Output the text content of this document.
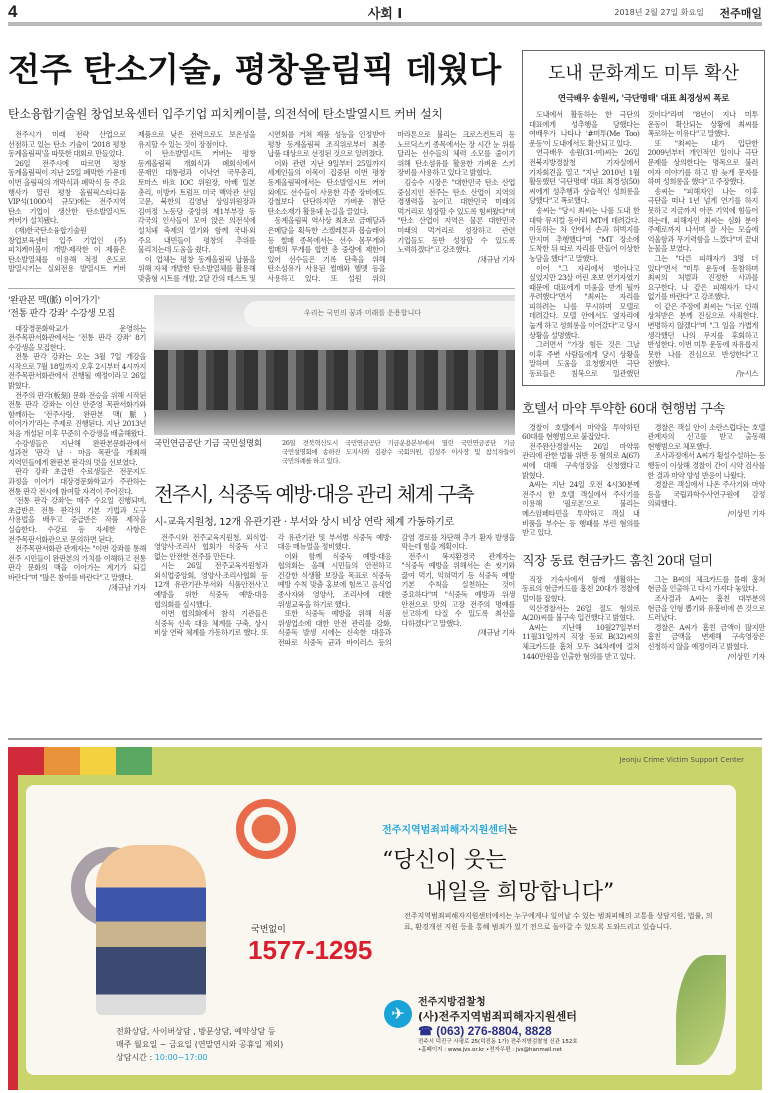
4	사회 I	2018년 2월 27일 화요일 전주매일
전주 탄소기술, 평창올림픽 데웠다
탄소융합기술원 창업보육센터 입주기업 피치케이블, 의전석에 탄소발열시트 커버 설치

전주시가 미래 전략 산업으로 선점하고 있는 탄소 기술이 '2018 평창 동계올림픽'을 따뜻한 대회로 만들었다.

26일 전주시에 따르면 평창 동계올림픽이 지난 25일 폐막한 가운데 이번 올림픽의 개막식과 폐막식 등 주요 행사가 열린 평창 올림픽스타디움 VIP석(1000석 규모)에는 전주지역 탄소 기업이 생산한 탄소발열시트 커버가 설치됐다.

(재)한국탄소융합기술원 창업보육센터 입주 기업인 (주)피치케이블이 개발·제작한 이 제품은 탄소발열체를 이용해 적정 온도로 발열시키는 실외전용 발열시트 커버 제품으로 낮은 전력으로도 보온성을 유지할 수 있는 것이 장점이다.

이 탄소발열시트 커버는 평창 동계올림픽 개회식과 폐회식에서 문재인 대통령과 이낙연 국무총리, 토마스 바흐 IOC 위원장, 아베 일본 총리, 이방카 트럼프 미국 백악관 선임 고문, 북한의 김영남 상임위원장과 김여정 노동당 중앙위 제1부부장 등 각국의 인사들이 모여 앉은 의전석에 설치돼 축제의 열기와 함께 국내·외 주요 내빈들이 평창의 추위를 물리치는데 도움을 줬다.

이 업체는 평창 동계올림픽 납품을 위해 자체 개발한 탄소발열체를 활용해 맞춤형 시트를 개발, 2달 간의 테스트 및 시연회를 거쳐 제품 성능을 인정받아 평창 동계올림픽 조직위로부터 최종 납품 대상으로 선정된 것으로 알려졌다.

이와 관련 지난 9일부터 25일까지 세계인들의 이목이 집중된 이번 평창 동계올림픽에서는 탄소발열시트 커버 외에도 선수들이 사용한 각종 장비에도 강철보다 단단하지만 가벼운 첨단 탄소소재가 활용돼 눈길을 끌었다.

동계올림픽 역사상 최초로 금메달과 은메달을 획득한 스켈레톤과 봅슬레이 등 썰매 종목에서는 선수 몸무게와 썰매의 무게를 합한 총 중량에 제한이 있어 선수들은 기록 단축을 위해 탄소섬유가 사용된 썰매와 헬멧 등을 사용하고 있다. 또 설원 위의 마라톤으로 불리는 크로스컨트리 등 노르딕스키 종목에서는 장 시간 눈 위를 달리는 선수들의 체력 소모를 줄이기 위해 탄소섬유를 활용한 가벼운 스키 장비를 사용하고 있다고 밝혔다.

김승수 시장은 "대한민국 탄소 산업 중심지인 전주는 탄소 산업이 지역의 경쟁력을 높이고 대한민국 미래의 먹거리로 성장할 수 있도록 힘써왔다"며 "탄소 산업이 지역은 물론 대한민국 미래의 먹거리로 성장하고 관련 기업들도 동반 성장할 수 있도록 노력하겠다"고 강조했다.

/채규남 기자
'완판본 맥(脈) 이어가기'
'전통 판각 강좌' 수강생 모집

대장경문화학교가 운영하는 전주목판서화관에서는 '전통 판각 강좌' 8기 수강생을 모집한다.

전통 판각 강좌는 오는 3월 7일 개강을 시작으로 7월 18일까지 오후 2시부터 4시까지 전주목판서화관에서 진행될 예정이라고 26일 밝혔다.

전주의 판각(板刻) 문화 전승을 위해 시작된 전통 판각 강좌는 이산 안준영 목판서화가와 함께하는 '전주사랑, 완판본 맥(脈) 이어가기'라는 주제로 진행된다. 지난 2013년 처음 개설된 이후 꾸준히 수강생을 배출해왔다.

수강생들은 지난해 완판본문화관에서 성과전 '판각 날 · 마음 목판'을 개최해 지역민들에게 완판본 판각의 멋을 선보였다.

판각 강좌 초급반 수료생들은 전문지도 과정을 이어가 대장경문화학교가 주관하는 전통 판각 전시에 참여할 자격이 주어진다.

'전통 판각 강좌'는 매주 수요일 진행되며, 초급반은 전통 판각의 기본 기법과 도구 사용법을 배우고 중급반은 작품 제작을 실습한다. 수강료 등 자세한 사항은 전주목판서화관으로 문의하면 된다.

전주목판서화관 관계자는 "이번 강좌를 통해 전주 시민들이 완판본의 가치를 이해하고 전통 판각 문화의 맥을 이어가는 계기가 되길 바란다"며 "많은 참여를 바란다"고 말했다.

/채규남 기자
우리는 국민의 꿈과 미래를 운용합니다
국민연금공단 기금 국민설명회	26일 전북혁신도시 국민연금공단 기금운용본부에서 열린 국민연금공단 기금 국민설명회에 송하진 도지사와 김광수 국회의원, 김성주 이사장 및 참석자들이 국민의례를 하고 있다.
전주시, 식중독 예방·대응 관리 체계 구축
시-교육지원청, 12개 유관기관 · 부서와 상시 비상 연락 체계 가동하기로

전주시와 전주교육지원청, 외식업·영양사·조리사 협회가 식중독 사고 없는 안전한 전주를 만든다.

시는 26일 전주교육지원청과 외식업중앙회, 영양사·조리사협회 등 12개 유관기관·부서와 식품안전사고 예방을 위한 식중독 예방·대응 협의회를 실시했다.

이번 협의회에서 참석 기관들은 식중독 신속 대응 체계를 구축, 상시 비상 연락 체계를 가동하기로 했다. 또 각 유관기관 및 부서별 식중독 예방·대응 매뉴얼을 정비했다.

이와 함께 식중독 예방·대응 협의회는 올해 시민들의 안전하고 건강한 식생활 보장을 목표로 식중독 예방 수칙 맞춤 홍보에 힘쓰고 음식업 종사자와 영양사, 조리사에 대한 위생교육을 하기로 했다.

또한 식중독 예방을 위해 식품 위생업소에 대한 안전 관리를 강화, 식중독 발생 시에는 신속한 대응과 전파로 식중독 균과 바이러스 등의 감염 경로를 차단해 추가 환자 발생을 막는데 힘을 계획이다.

전주시 복지환경국 관계자는 "식중독 예방을 위해서는 손 씻기와 끓여 먹기, 익혀먹기 등 식중독 예방 기본 수칙을 실천하는 것이 중요하다"며 "식중독 예방과 위생 안전으로 맛의 고장 전주의 명예를 선고하게 다질 수 있도록 최선을 다하겠다"고 말했다.

/채규남 기자
도내 문화계도 미투 확산
연극배우 송원씨, '극단명태' 대표 최경성씨 폭로

도내에서 활동하는 한 극단의 대표에게 성추행을 당했다는 여배우가 나타나 '#미투(Me Too) 운동'이 도내에서도 확산되고 있다.

연극배우 송원(31·여)씨는 26일 전북지방경찰청 기자실에서 기자회견을 열고 "지난 2010년 1월 활동했던 '극단명태' 대표 최경성(50)씨에게 성추행과 상습적인 성희롱을 당했다"고 폭로했다.

송씨는 "당시 최씨는 나를 도내 한 대학 뮤지컬 동아리 MT에 데려갔다. 이동하는 차 안에서 손과 허벅지를 만지며 추행했다"며 "MT 장소에 도착한 뒤 따로 자리를 만들어 이상한 농담을 했다"고 말했다.

이어 "그 자리에서 벗어나고 싶었지만 23살 어린 초보 연기자였기 때문에 대표에게 미움을 받게 될까 우려했다"면서 "최씨는 자리를 피하려는 나를 무시하며 모텔로 데려갔다. 모텔 안에서도 옆자리에 눕게 하고 성희롱을 이어갔다"고 당시 상황을 설명했다.

그러면서 "가장 힘든 것은 그날 이후 주변 사람들에게 당시 상황을 말하며 도움을 요청했지만 극단 동료들은 침묵으로 일관했던 것이다"라며 "8년이 지나 미투 운동이 확산되는 상황에 최씨를 폭로하는 이유다"고 말했다.

또 "최씨는 내가 입단한 2009년부터 개인적인 일이나 극단 문제를 상의한다는 명목으로 불러 여자 이야기를 하고 밤 늦게 문자를 하며 성희롱을 했다"고 주장했다.

송씨는 "피해자인 나는 이후 극단을 떠나 1년 넘게 연기를 하지 못하고 지금까지 아픈 기억에 힘들어 하는데, 피해자인 최씨는 심화 분야 주제로까지 나서며 잘 사는 모습에 억울함과 무기력함을 느꼈다"며 끝내 눈물을 보였다.

그는 "다른 피해자가 3명 더 있다"면서 "미투 운동에 동참하며 최씨의 처벌과 진정한 사과를 요구한다. 나 같은 피해자가 다시 없기를 바란다"고 강조했다.

이 같은 주장에 최씨는 "너로 인해 상처받은 분께 진심으로 사죄한다. 변명하지 않겠다"며 "그 일을 가볍게 생각했던 나의 무지를 후회하고 반성한다. 이번 미투 운동에 자유롭지 못한 나를 진심으로 반성한다"고 전했다.

/뉴시스
호텔서 마약 투약한 60대 현행범 구속

경찰이 호텔에서 마약을 투약하던 60대를 현행범으로 붙잡았다.

전주완산경찰서는 26일 마약류 관리에 관한 법률 위반 등 혐의로 A(67)씨에 대해 구속영장을 신청했다고 밝혔다.

A씨는 지난 24일 오전 4시30분께 전주시 한 호텔 객실에서 주사기를 이용해 '필로폰'으로 불리는 메스암페타민을 투약하고 객실 내 비품을 부수는 등 행패를 부린 혐의를 받고 있다.

경찰은 객실 안이 소란스럽다는 호텔 관계자의 신고를 받고 출동해 현행범으로 체포했다.

조사과정에서 A씨가 횡설수설하는 등 행동이 이상해 경찰이 간이 시약 검사를 한 결과 마약 양성 반응이 나왔다.

경찰은 객실에서 나온 주사기와 마약 등을 국립과학수사연구원에 감정 의뢰했다.

/이상민 기자
직장 동료 현금카드 훔친 20대 덜미

직장 기숙사에서 함께 생활하는 동료의 현금카드를 훔친 20대가 경찰에 덜미를 잡혔다.

익산경찰서는 26일 절도 혐의로 A(20)씨를 불구속 입건했다고 밝혔다.

A씨는 지난해 10월27일부터 11월31일까지 직장 동료 B(32)씨의 체크카드를 훔쳐 모두 34차례에 걸쳐 1440만원을 인출한 혐의를 받고 있다.

그는 B씨의 체크카드를 몰래 훔쳐 현금을 인출하고 다시 가져다 놓았다.

조사결과 A씨는 훔친 대부분의 현금을 인형 뽑기와 유흥비에 쓴 것으로 드러났다.

경찰은 A씨가 훔친 금액이 많지만 훔친 금액을 변제해 구속영장은 신청하지 않을 예정이라고 밝혔다.

/이상민 기자
Jeonju Crime Victim Support Center
국번없이
1577-1295
전화상담, 사이버상담 , 방문상담, 예약상담 등
매주 월요일 ~ 금요일 (연말연시와 공휴일 제외)
상담시간 : 10:00~17:00
전주지역범죄피해자지원센터는
“당신이 웃는
내일을 희망합니다”
전주지역범죄피해자지원센터에서는 누구에게나 일어날 수 있는 범죄피해의 고통을 상담지원, 법률, 의료, 환경개선 지원 등을 통해 범죄가 있기 전으로 돌아갈 수 있도록 도와드리고 있습니다.
✈
전주지방검찰청
(사)전주지역범죄피해자지원센터
☎ (063) 276-8804, 8828
전주시 덕진구 사평로 25(덕진동 1가) 전주지방검찰청 신관 152호
•홈페이지 : www.jvs.or.kr •전자우편 : jvs@hanmail.net
